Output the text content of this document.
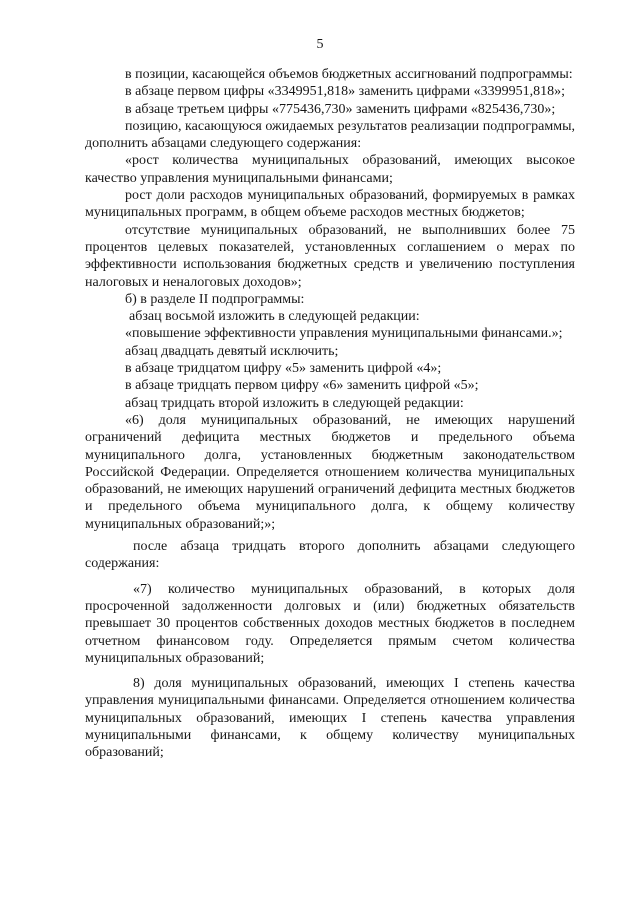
5

в позиции, касающейся объемов бюджетных ассигнований подпрограммы:

в абзаце первом цифры «3349951,818» заменить цифрами «3399951,818»;

в абзаце третьем цифры «775436,730» заменить цифрами «825436,730»;

позицию, касающуюся ожидаемых результатов реализации подпрограммы, дополнить абзацами следующего содержания:

«рост количества муниципальных образований, имеющих высокое качество управления муниципальными финансами;

рост доли расходов муниципальных образований, формируемых в рамках муниципальных программ, в общем объеме расходов местных бюджетов;

отсутствие муниципальных образований, не выполнивших более 75 процентов целевых показателей, установленных соглашением о мерах по эффективности использования бюджетных средств и увеличению поступления налоговых и неналоговых доходов»;

б) в разделе II подпрограммы:

абзац восьмой изложить в следующей редакции:

«повышение эффективности управления муниципальными финансами.»;

абзац двадцать девятый исключить;

в абзаце тридцатом цифру «5» заменить цифрой «4»;

в абзаце тридцать первом цифру «6» заменить цифрой «5»;

абзац тридцать второй изложить в следующей редакции:

«6) доля муниципальных образований, не имеющих нарушений ограничений дефицита местных бюджетов и предельного объема муниципального долга, установленных бюджетным законодательством Российской Федерации. Определяется отношением количества муниципальных образований, не имеющих нарушений ограничений дефицита местных бюджетов и предельного объема муниципального долга, к общему количеству муниципальных образований;»;

после абзаца тридцать второго дополнить абзацами следующего содержания:

«7) количество муниципальных образований, в которых доля просроченной задолженности долговых и (или) бюджетных обязательств превышает 30 процентов собственных доходов местных бюджетов в последнем отчетном финансовом году. Определяется прямым счетом количества муниципальных образований;

8) доля муниципальных образований, имеющих I степень качества управления муниципальными финансами. Определяется отношением количества муниципальных образований, имеющих I степень качества управления муниципальными финансами, к общему количеству муниципальных образований;
